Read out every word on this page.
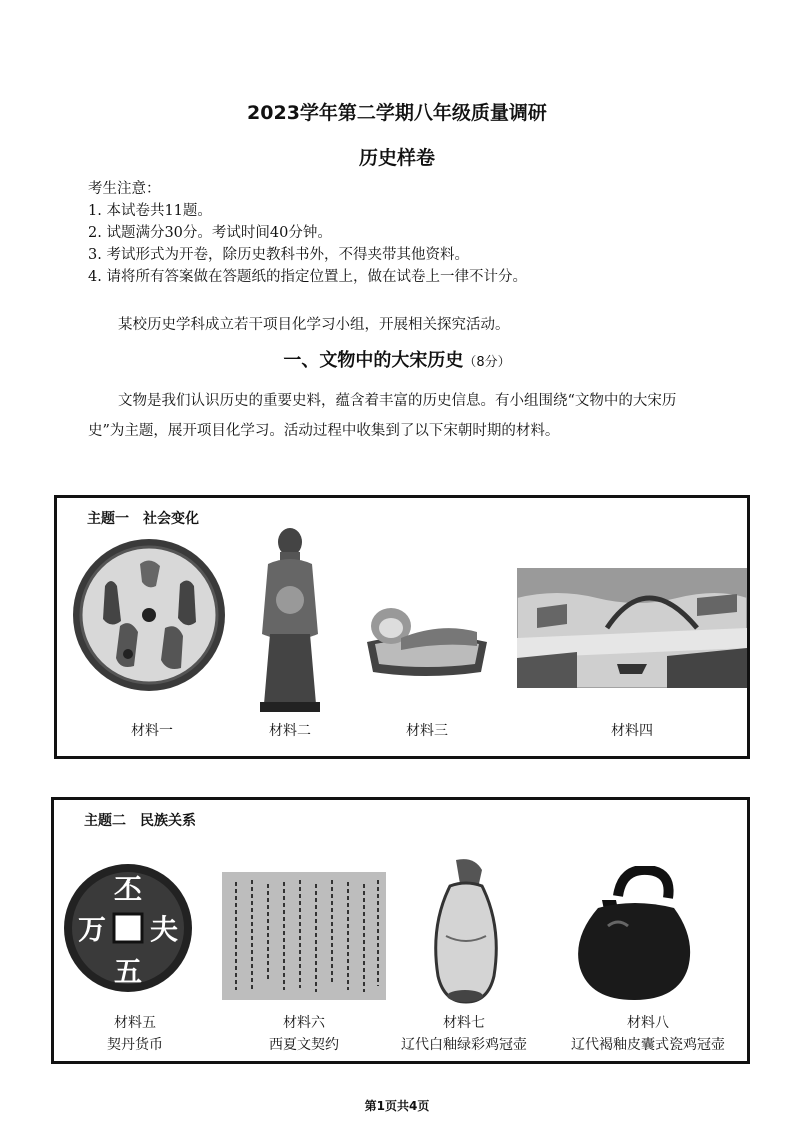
2023学年第二学期八年级质量调研
历史样卷
考生注意：
1. 本试卷共11题。
2. 试题满分30分。考试时间40分钟。
3. 考试形式为开卷，除历史教科书外，不得夹带其他资料。
4. 请将所有答案做在答题纸的指定位置上，做在试卷上一律不计分。
某校历史学科成立若干项目化学习小组，开展相关探究活动。
一、文物中的大宋历史（8分）
文物是我们认识历史的重要史料，蕴含着丰富的历史信息。有小组围绕“文物中的大宋历史”为主题，展开项目化学习。活动过程中收集到了以下宋朝时期的材料。
主题一　社会变化
材料一	材料二	材料三	材料四
主题二　民族关系
丕
夫
五
万
材料五
契丹货币
材料六
西夏文契约
材料七
辽代白釉绿彩鸡冠壶
材料八
辽代褐釉皮囊式瓷鸡冠壶
第1页共4页
